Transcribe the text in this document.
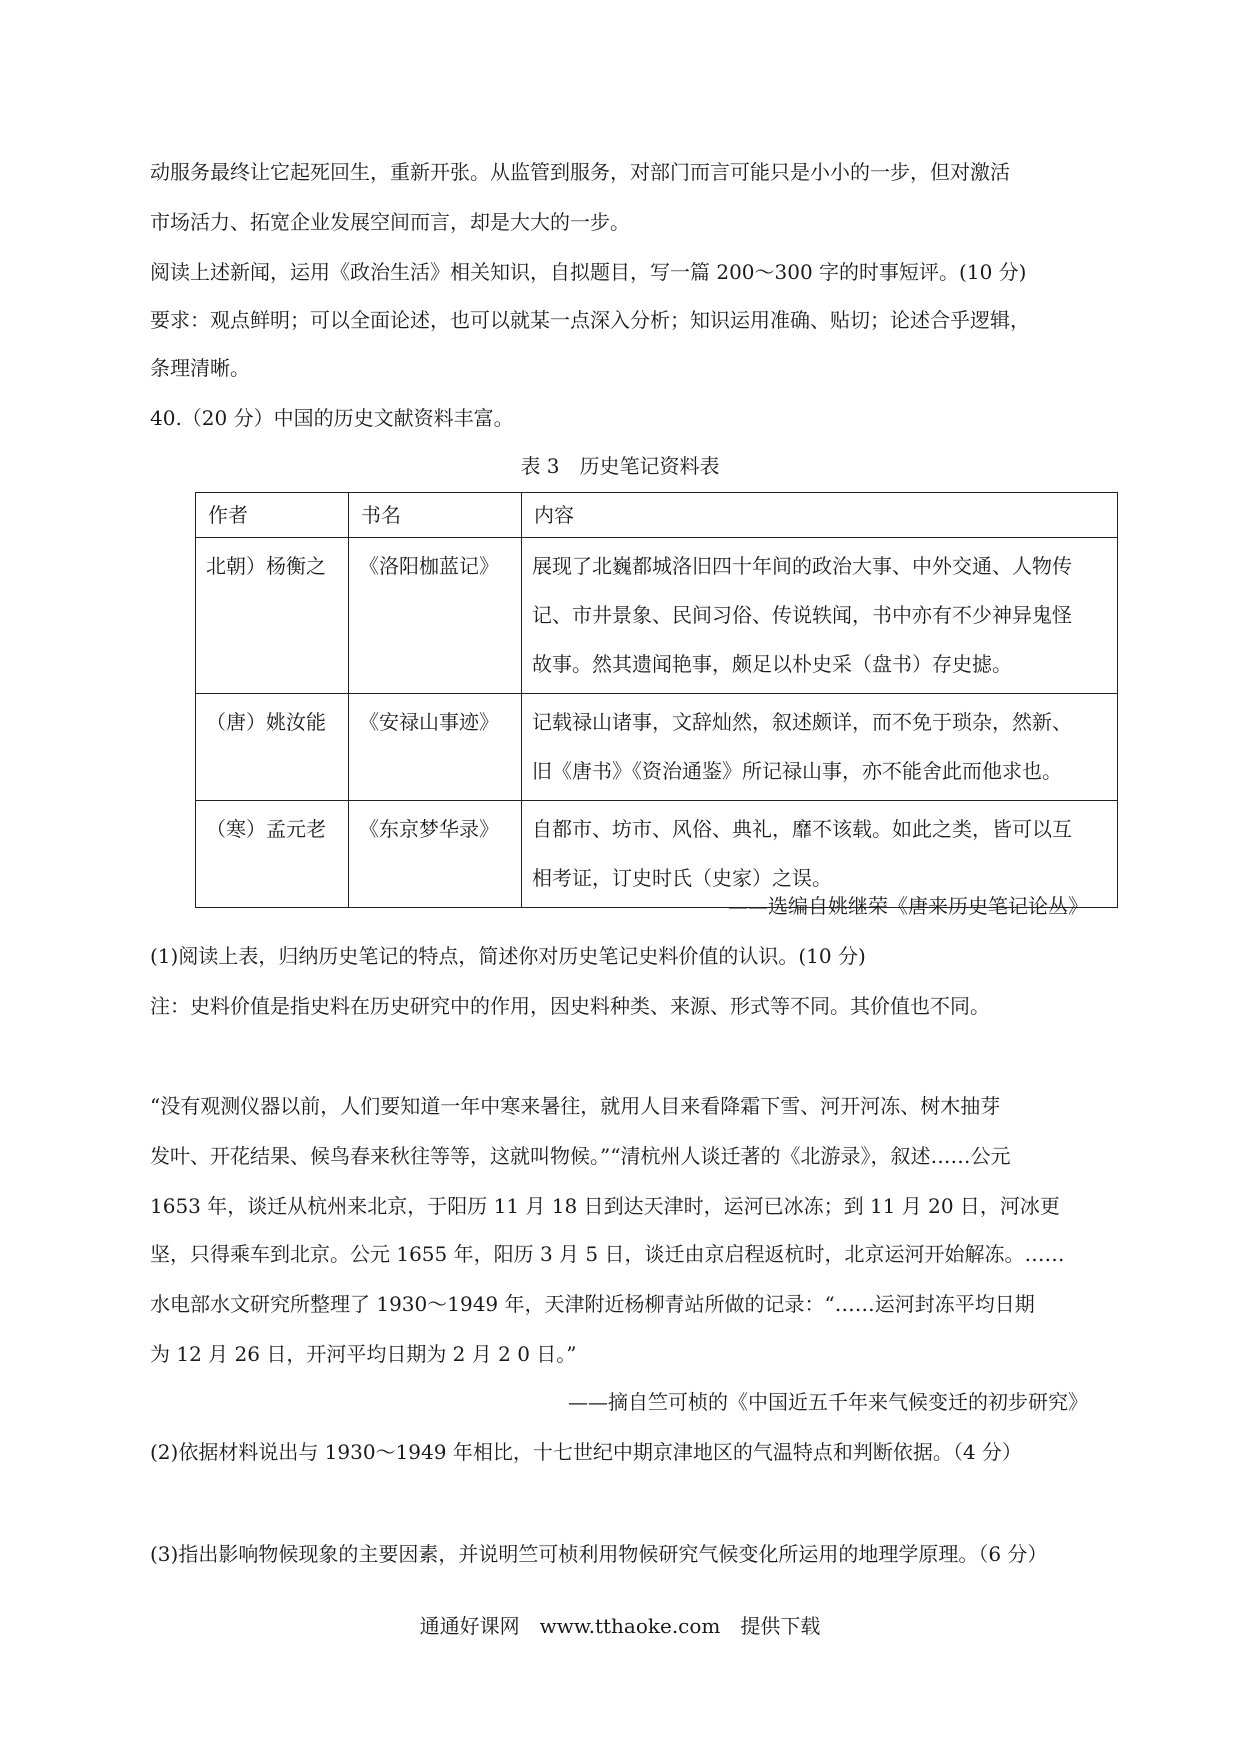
动服务最终让它起死回生，重新开张。从监管到服务，对部门而言可能只是小小的一步，但对激活
市场活力、拓宽企业发展空间而言，却是大大的一步。
阅读上述新闻，运用《政治生活》相关知识，自拟题目，写一篇 200～300 字的时事短评。(10 分)
要求：观点鲜明；可以全面论述，也可以就某一点深入分析；知识运用准确、贴切；论述合乎逻辑，
条理清晰。
40.（20 分）中国的历史文献资料丰富。
表 3　历史笔记资料表
作者	书名	内容
北朝）杨衡之	《洛阳枷蓝记》	展现了北巍都城洛旧四十年间的政治大事、中外交通、人物传
记、市井景象、民间习俗、传说轶闻，书中亦有不少神异鬼怪
故事。然其遗闻艳事，颇足以朴史采（盘书）存史摅。

（唐）姚汝能	《安禄山事迹》	记载禄山诸事，文辞灿然，叙述颇详，而不免于琐杂，然新、
旧《唐书》《资治通鉴》所记禄山事，亦不能舍此而他求也。

（寒）孟元老	《东京梦华录》	自都市、坊市、风俗、典礼，靡不该载。如此之类，皆可以互
相考证，订史时氏（史家）之误。
——选编自姚继荣《唐来历史笔记论丛》
(1)阅读上表，归纳历史笔记的特点，简述你对历史笔记史料价值的认识。(10 分)
注：史料价值是指史料在历史研究中的作用，因史料种类、来源、形式等不同。其价值也不同。
“没有观测仪器以前，人们要知道一年中寒来暑往，就用人目来看降霜下雪、河开河冻、树木抽芽
发叶、开花结果、候鸟春来秋往等等，这就叫物候。”“清杭州人谈迁著的《北游录》，叙述……公元
1653 年，谈迁从杭州来北京，于阳历 11 月 18 日到达天津时，运河已冰冻；到 11 月 20 日，河冰更
坚，只得乘车到北京。公元 1655 年，阳历 3 月 5 日，谈迁由京启程返杭时，北京运河开始解冻。……
水电部水文研究所整理了 1930～1949 年，天津附近杨柳青站所做的记录：“……运河封冻平均日期
为 12 月 26 日，开河平均日期为 2 月 2 0 日。”
——摘自竺可桢的《中国近五千年来气候变迁的初步研究》
(2)依据材料说出与 1930～1949 年相比，十七世纪中期京津地区的气温特点和判断依据。（4 分）
(3)指出影响物候现象的主要因素，并说明竺可桢利用物候研究气候变化所运用的地理学原理。（6 分）
通通好课网　www.tthaoke.com　提供下载
